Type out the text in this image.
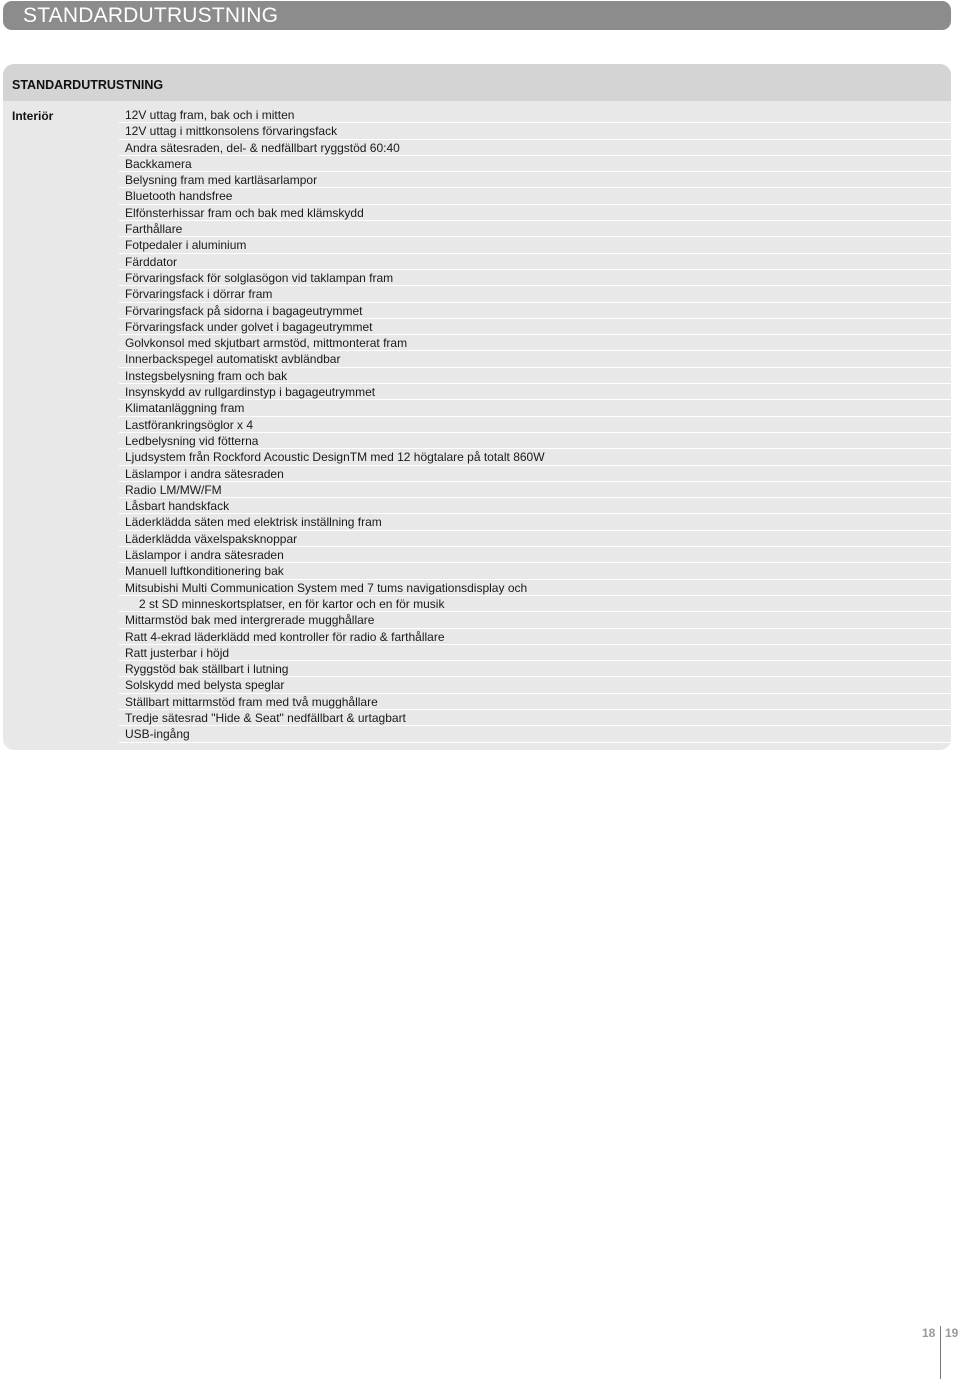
STANDARDUTRUSTNING
STANDARDUTRUSTNING
Interiör	12V uttag fram, bak och i mitten
12V uttag i mittkonsolens förvaringsfack
Andra sätesraden, del- & nedfällbart ryggstöd 60:40
Backkamera
Belysning fram med kartläsarlampor
Bluetooth handsfree
Elfönsterhissar fram och bak med klämskydd
Farthållare
Fotpedaler i aluminium
Färddator
Förvaringsfack för solglasögon vid taklampan fram
Förvaringsfack i dörrar fram
Förvaringsfack på sidorna i bagageutrymmet
Förvaringsfack under golvet i bagageutrymmet
Golvkonsol med skjutbart armstöd, mittmonterat fram
Innerbackspegel automatiskt avbländbar
Instegsbelysning fram och bak
Insynskydd av rullgardinstyp i bagageutrymmet
Klimatanläggning fram
Lastförankringsöglor x 4
Ledbelysning vid fötterna
Ljudsystem från Rockford Acoustic DesignTM med 12 högtalare på totalt 860W
Läslampor i andra sätesraden
Radio LM/MW/FM
Låsbart handskfack
Läderklädda säten med elektrisk inställning fram
Läderklädda växelspaksknoppar
Läslampor i andra sätesraden
Manuell luftkonditionering bak
Mitsubishi Multi Communication System med 7 tums navigationsdisplay och
2 st SD minneskortsplatser, en för kartor och en för musik
Mittarmstöd bak med intergrerade mugghållare
Ratt 4-ekrad läderklädd med kontroller för radio & farthållare
Ratt justerbar i höjd
Ryggstöd bak ställbart i lutning
Solskydd med belysta speglar
Ställbart mittarmstöd fram med två mugghållare
Tredje sätesrad "Hide & Seat" nedfällbart & urtagbart
USB-ingång
18 19
